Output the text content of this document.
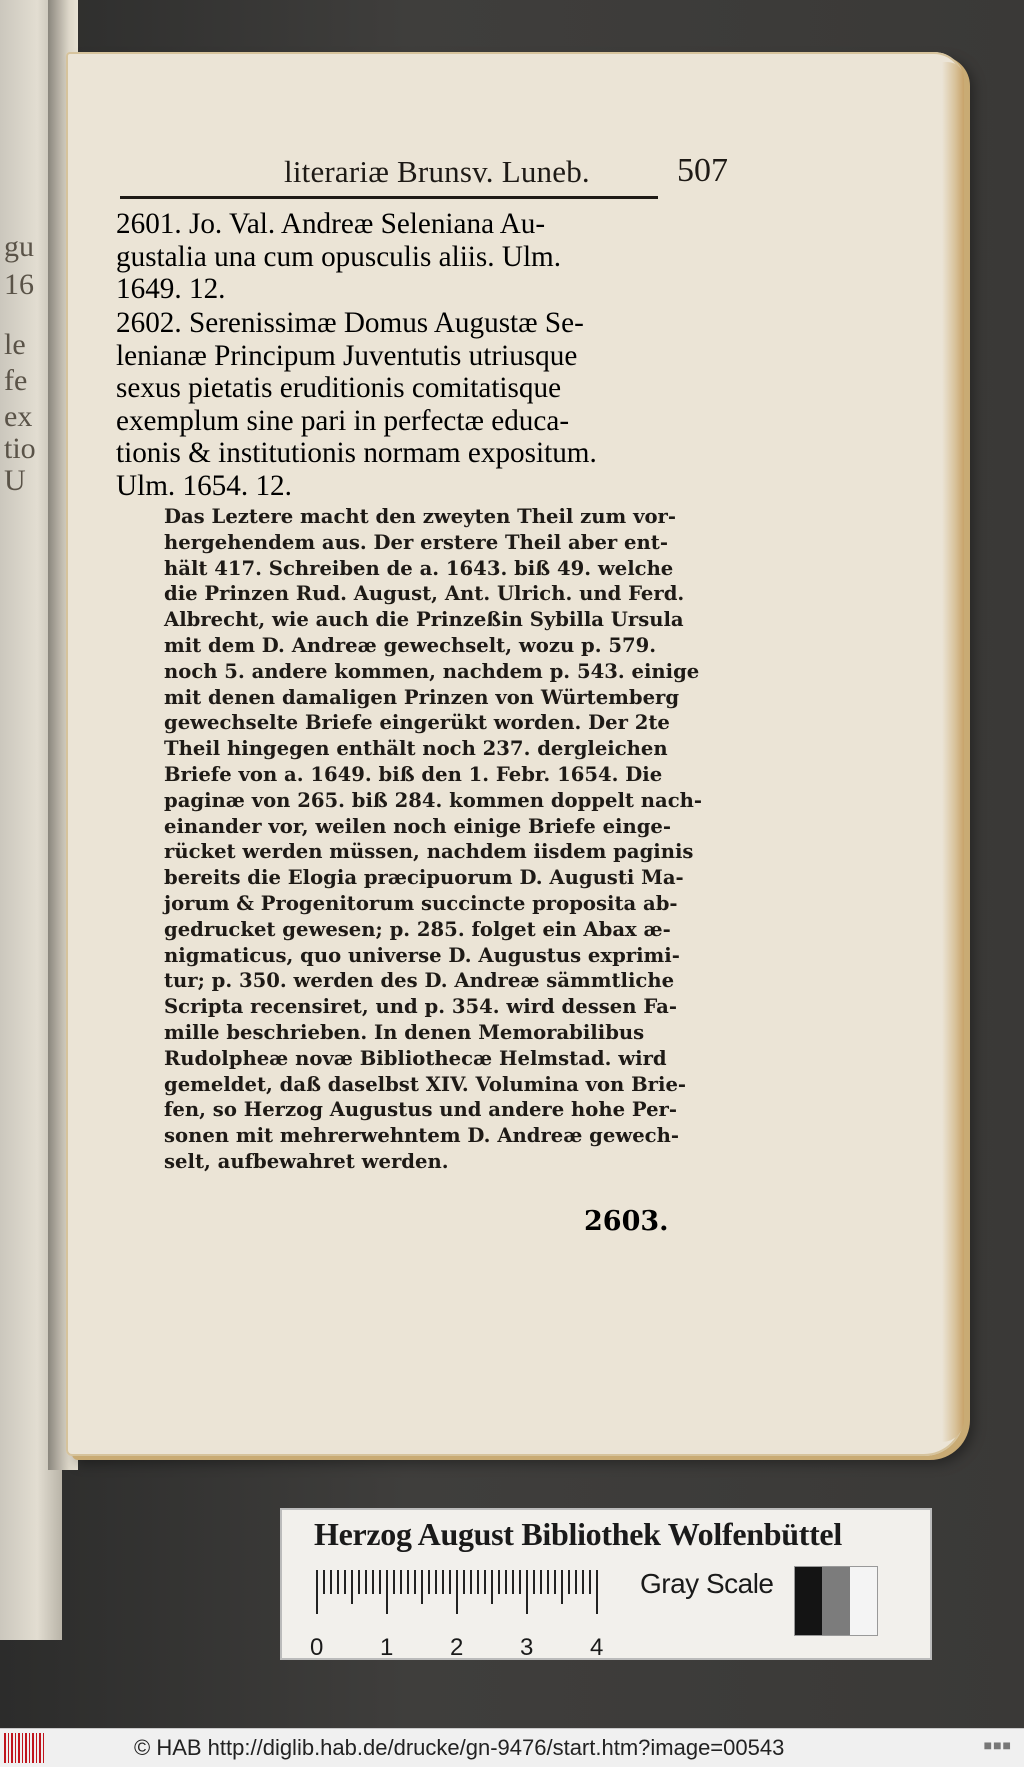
gu
16
le
fe
ex
tio
U
literariæ Brunsv. Luneb.	507
2601. Jo. Val. Andreæ Seleniana Au-
gustalia una cum opusculis aliis. Ulm.
1649. 12.
2602. Serenissimæ Domus Augustæ Se-
lenianæ Principum Juventutis utriusque
sexus pietatis eruditionis comitatisque
exemplum sine pari in perfectæ educa-
tionis & institutionis normam expositum.
Ulm. 1654. 12.
Das Leztere macht den zweyten Theil zum vor-
hergehendem aus. Der erstere Theil aber ent-
hält 417. Schreiben de a. 1643. biß 49. welche
die Prinzen Rud. August, Ant. Ulrich. und Ferd.
Albrecht, wie auch die Prinzeßin Sybilla Ursula
mit dem D. Andreæ gewechselt, wozu p. 579.
noch 5. andere kommen, nachdem p. 543. einige
mit denen damaligen Prinzen von Würtemberg
gewechselte Briefe eingerükt worden. Der 2te
Theil hingegen enthält noch 237. dergleichen
Briefe von a. 1649. biß den 1. Febr. 1654. Die
paginæ von 265. biß 284. kommen doppelt nach-
einander vor, weilen noch einige Briefe einge-
rücket werden müssen, nachdem iisdem paginis
bereits die Elogia præcipuorum D. Augusti Ma-
jorum & Progenitorum succincte proposita ab-
gedrucket gewesen; p. 285. folget ein Abax æ-
nigmaticus, quo universe D. Augustus exprimi-
tur; p. 350. werden des D. Andreæ sämmtliche
Scripta recensiret, und p. 354. wird dessen Fa-
mille beschrieben. In denen Memorabilibus
Rudolpheæ novæ Bibliothecæ Helmstad. wird
gemeldet, daß daselbst XIV. Volumina von Brie-
fen, so Herzog Augustus und andere hohe Per-
sonen mit mehrerwehntem D. Andreæ gewech-
selt, aufbewahret werden.
2603.
Herzog August Bibliothek Wolfenbüttel
0 1 2 3 4
Gray Scale
© HAB http://diglib.hab.de/drucke/gn-9476/start.htm?image=00543	■■■
